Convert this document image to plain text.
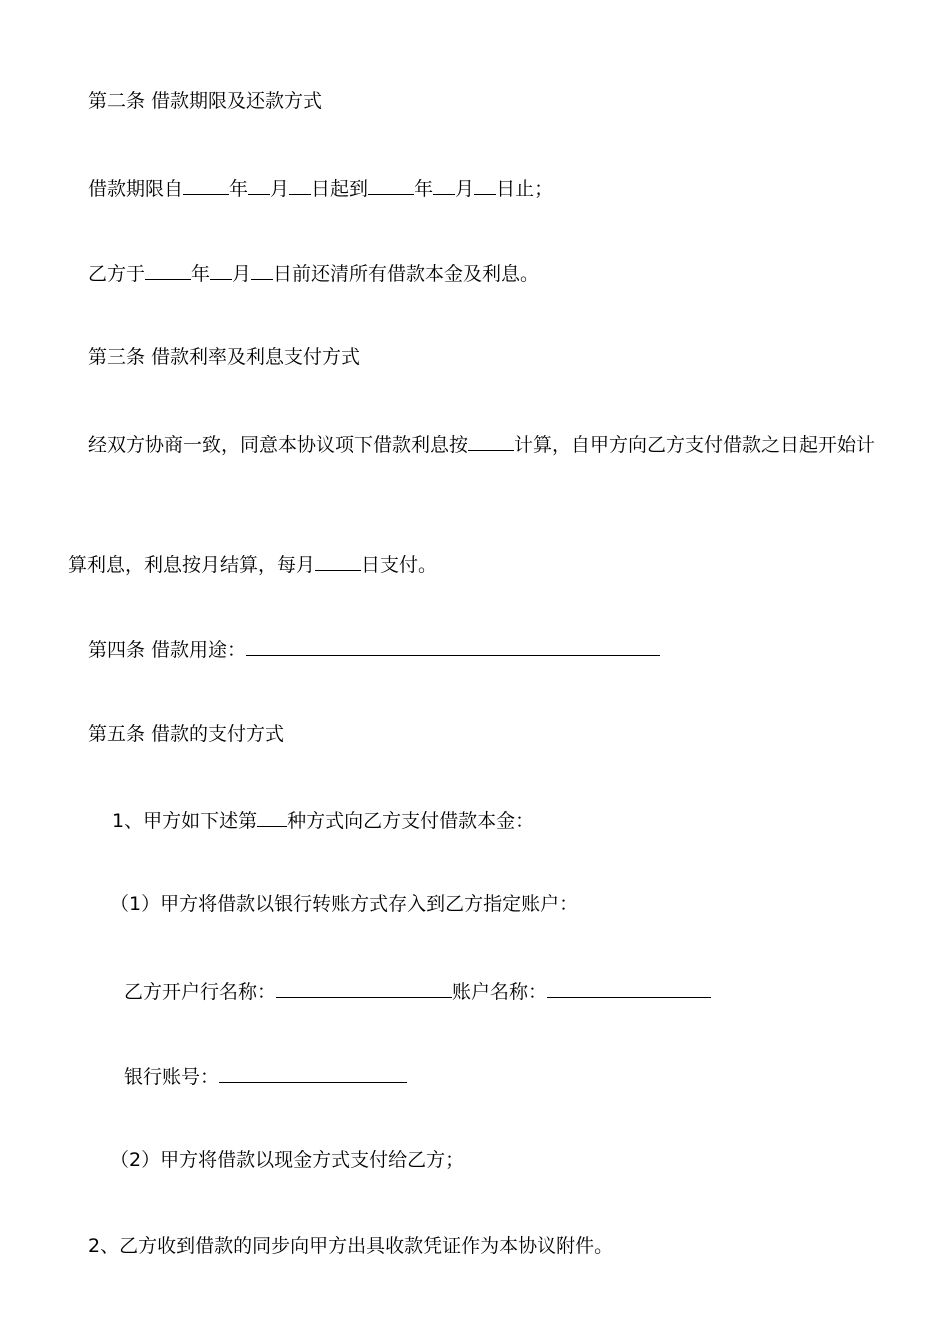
第二条 借款期限及还款方式
借款期限自 年 月 日起到 年 月 日止；
乙方于 年 月 日前还清所有借款本金及利息。
第三条 借款利率及利息支付方式
经双方协商一致，同意本协议项下借款利息按 计算，自甲方向乙方支付借款之日起开始计
算利息，利息按月结算，每月 日支付。
第四条 借款用途：
第五条 借款的支付方式
1、甲方如下述第 种方式向乙方支付借款本金：
（1）甲方将借款以银行转账方式存入到乙方指定账户：
乙方开户行名称：	账户名称：
银行账号：
（2）甲方将借款以现金方式支付给乙方；
2、乙方收到借款的同步向甲方出具收款凭证作为本协议附件。
